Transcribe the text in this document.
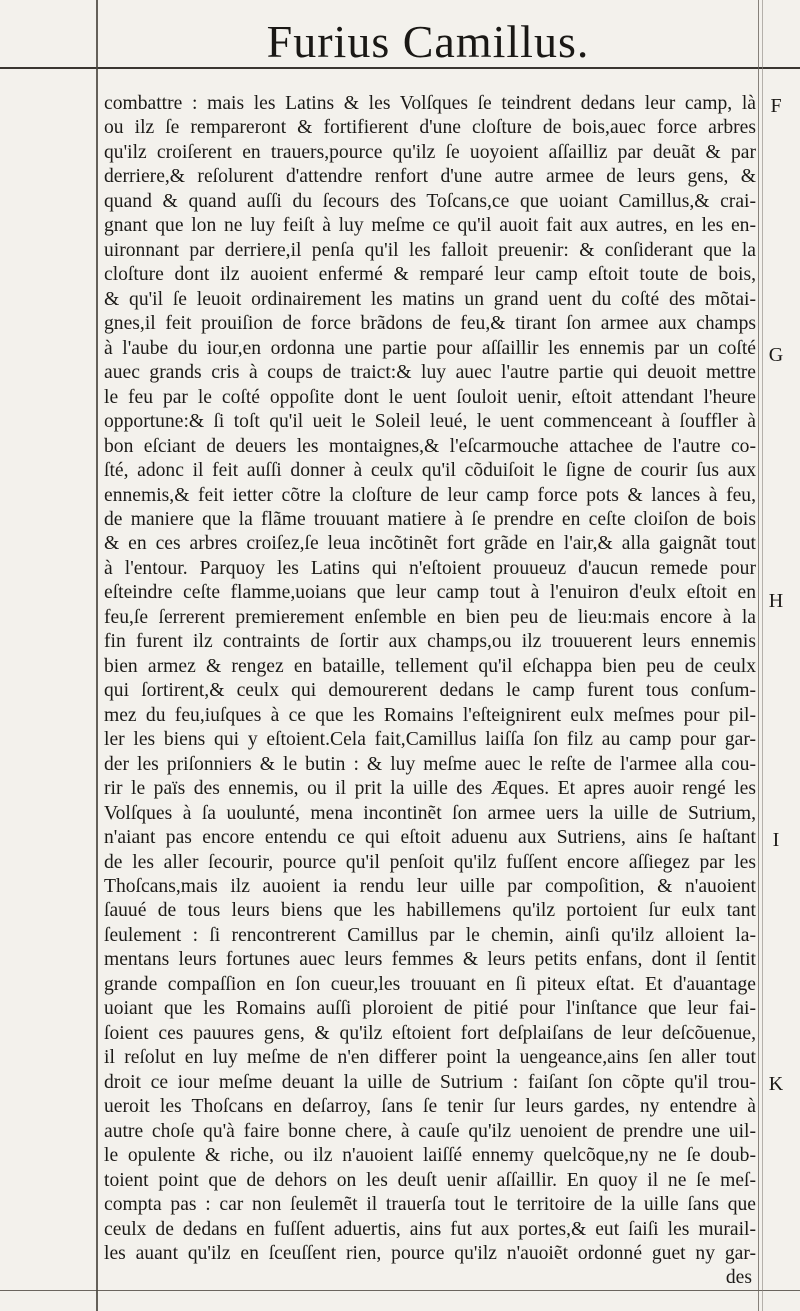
Furius Camillus.
combattre : mais les Latins & les Volſques ſe teindrent dedans leur camp, là
ou ilz ſe rempareront & fortifierent d'une cloſture de bois,auec force arbres
qu'ilz croiſerent en trauers,pource qu'ilz ſe uoyoient aſſailliz par deuãt & par
derriere,& reſolurent d'attendre renfort d'une autre armee de leurs gens, &
quand & quand auſſi du ſecours des Toſcans,ce que uoiant Camillus,& crai-
gnant que lon ne luy feiſt à luy meſme ce qu'il auoit fait aux autres, en les en-
uironnant par derriere,il penſa qu'il les falloit preuenir: & conſiderant que la
cloſture dont ilz auoient enfermé & remparé leur camp eſtoit toute de bois,
& qu'il ſe leuoit ordinairement les matins un grand uent du coſté des mõtai-
gnes,il feit prouiſion de force brãdons de feu,& tirant ſon armee aux champs
à l'aube du iour,en ordonna une partie pour aſſaillir les ennemis par un coſté
auec grands cris à coups de traict:& luy auec l'autre partie qui deuoit mettre
le feu par le coſté oppoſite dont le uent ſouloit uenir, eſtoit attendant l'heure
opportune:& ſi toſt qu'il ueit le Soleil leué, le uent commenceant à ſouffler à
bon eſciant de deuers les montaignes,& l'eſcarmouche attachee de l'autre co-
ſté, adonc il feit auſſi donner à ceulx qu'il cõduiſoit le ſigne de courir ſus aux
ennemis,& feit ietter cõtre la cloſture de leur camp force pots & lances à feu,
de maniere que la flãme trouuant matiere à ſe prendre en ceſte cloiſon de bois
& en ces arbres croiſez,ſe leua incõtinẽt fort grãde en l'air,& alla gaignãt tout
à l'entour. Parquoy les Latins qui n'eſtoient prouueuz d'aucun remede pour
eſteindre ceſte flamme,uoians que leur camp tout à l'enuiron d'eulx eſtoit en
feu,ſe ſerrerent premierement enſemble en bien peu de lieu:mais encore à la
fin furent ilz contraints de ſortir aux champs,ou ilz trouuerent leurs ennemis
bien armez & rengez en bataille, tellement qu'il eſchappa bien peu de ceulx
qui ſortirent,& ceulx qui demourerent dedans le camp furent tous conſum-
mez du feu,iuſques à ce que les Romains l'eſteignirent eulx meſmes pour pil-
ler les biens qui y eſtoient.Cela fait,Camillus laiſſa ſon filz au camp pour gar-
der les priſonniers & le butin : & luy meſme auec le reſte de l'armee alla cou-
rir le païs des ennemis, ou il prit la uille des Æques. Et apres auoir rengé les
Volſques à ſa uoulunté, mena incontinẽt ſon armee uers la uille de Sutrium,
n'aiant pas encore entendu ce qui eſtoit aduenu aux Sutriens, ains ſe haſtant
de les aller ſecourir, pource qu'il penſoit qu'ilz fuſſent encore aſſiegez par les
Thoſcans,mais ilz auoient ia rendu leur uille par compoſition, & n'auoient
ſauué de tous leurs biens que les habillemens qu'ilz portoient ſur eulx tant
ſeulement : ſi rencontrerent Camillus par le chemin, ainſi qu'ilz alloient la-
mentans leurs fortunes auec leurs femmes & leurs petits enfans, dont il ſentit
grande compaſſion en ſon cueur,les trouuant en ſi piteux eſtat. Et d'auantage
uoiant que les Romains auſſi ploroient de pitié pour l'inſtance que leur fai-
ſoient ces pauures gens, & qu'ilz eſtoient fort deſplaiſans de leur deſcõuenue,
il reſolut en luy meſme de n'en differer point la uengeance,ains ſen aller tout
droit ce iour meſme deuant la uille de Sutrium : faiſant ſon cõpte qu'il trou-
ueroit les Thoſcans en deſarroy, ſans ſe tenir ſur leurs gardes, ny entendre à
autre choſe qu'à faire bonne chere, à cauſe qu'ilz uenoient de prendre une uil-
le opulente & riche, ou ilz n'auoient laiſſé ennemy quelcõque,ny ne ſe doub-
toient point que de dehors on les deuſt uenir aſſaillir. En quoy il ne ſe meſ-
compta pas : car non ſeulemẽt il trauerſa tout le territoire de la uille ſans que
ceulx de dedans en fuſſent aduertis, ains fut aux portes,& eut ſaiſi les murail-
les auant qu'ilz en ſceuſſent rien, pource qu'ilz n'auoiẽt ordonné guet ny gar-
F
G
H
I
K
des
